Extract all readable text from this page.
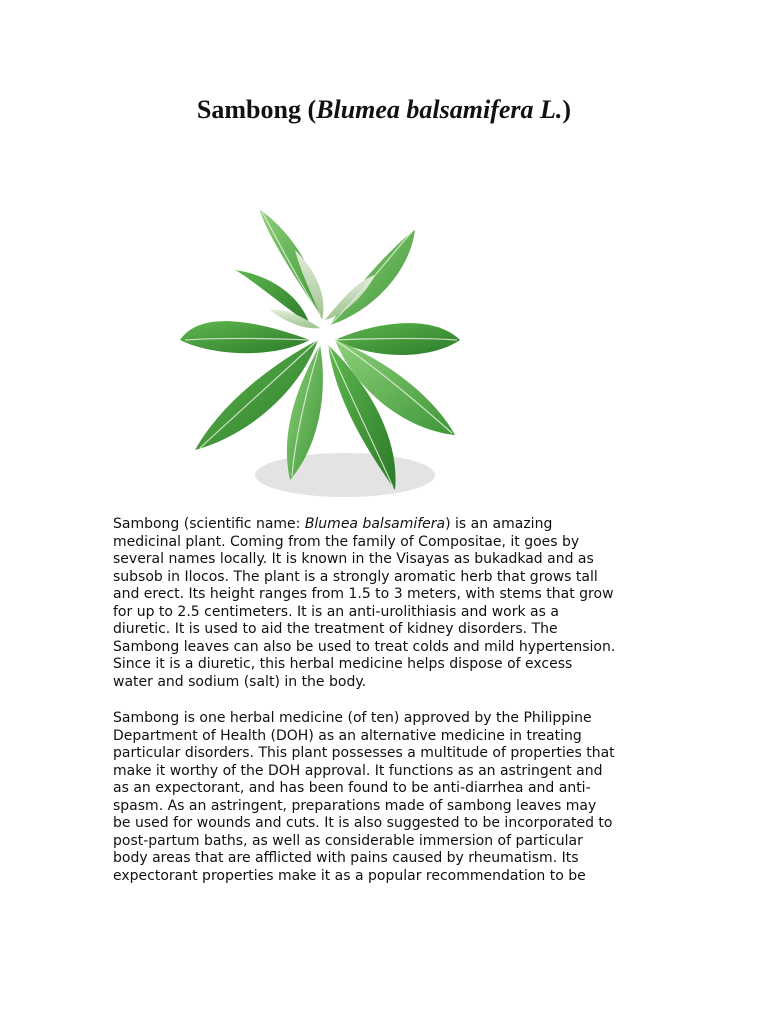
Sambong (Blumea balsamifera L.)

Sambong (scientific name: Blumea balsamifera) is an amazing
medicinal plant. Coming from the family of Compositae, it goes by
several names locally. It is known in the Visayas as bukadkad and as
subsob in Ilocos. The plant is a strongly aromatic herb that grows tall
and erect. Its height ranges from 1.5 to 3 meters, with stems that grow
for up to 2.5 centimeters. It is an anti-urolithiasis and work as a
diuretic. It is used to aid the treatment of kidney disorders. The
Sambong leaves can also be used to treat colds and mild hypertension.
Since it is a diuretic, this herbal medicine helps dispose of excess
water and sodium (salt) in the body.

Sambong is one herbal medicine (of ten) approved by the Philippine
Department of Health (DOH) as an alternative medicine in treating
particular disorders. This plant possesses a multitude of properties that
make it worthy of the DOH approval. It functions as an astringent and
as an expectorant, and has been found to be anti-diarrhea and anti-
spasm. As an astringent, preparations made of sambong leaves may
be used for wounds and cuts. It is also suggested to be incorporated to
post-partum baths, as well as considerable immersion of particular
body areas that are afflicted with pains caused by rheumatism. Its
expectorant properties make it as a popular recommendation to be
